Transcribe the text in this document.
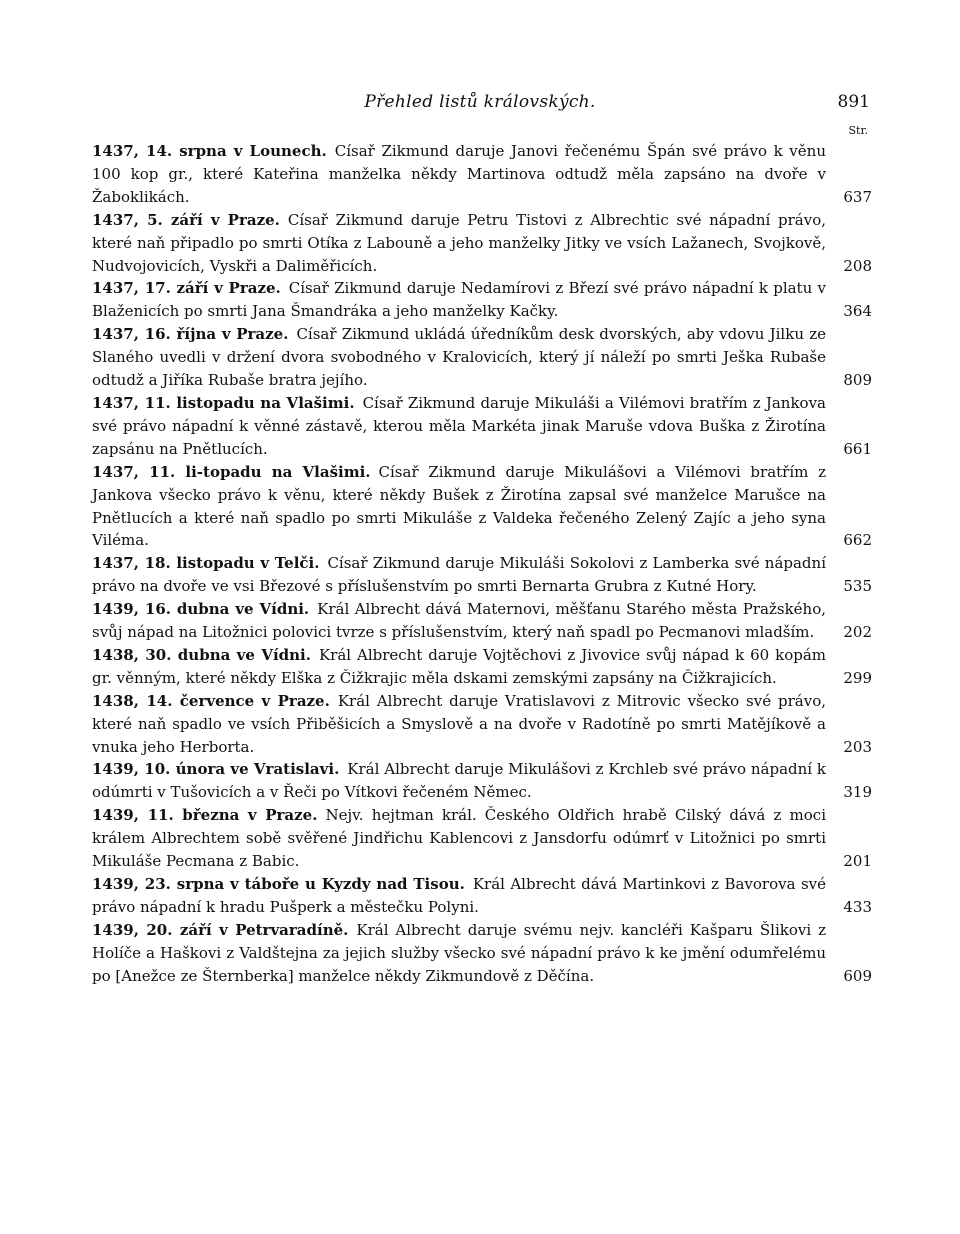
Přehled listů královských.	891
Str.
1437, 14. srpna v Lounech. Císař Zikmund daruje Janovi řečenému Špán své právo k věnu 100 kop gr., které Kateřina manželka někdy Martinova odtudž měla zapsáno na dvoře v Žaboklikách.	637
1437, 5. září v Praze. Císař Zikmund daruje Petru Tistovi z Albrechtic své nápadní právo, které naň připadlo po smrti Otíka z Labouně a jeho manželky Jitky ve vsích Lažanech, Svojkově, Nudvojovicích, Vyskři a Daliměřicích.	208
1437, 17. září v Praze. Císař Zikmund daruje Nedamírovi z Březí své právo nápadní k platu v Blaženicích po smrti Jana Šmandráka a jeho manželky Kačky.	364
1437, 16. října v Praze. Císař Zikmund ukládá úředníkům desk dvorských, aby vdovu Jilku ze Slaného uvedli v držení dvora svobodného v Kralovicích, který jí náleží po smrti Ješka Rubaše odtudž a Jiříka Rubaše bratra jejího.	809
1437, 11. listopadu na Vlašimi. Císař Zikmund daruje Mikuláši a Vilémovi bratřím z Jankova své právo nápadní k věnné zástavě, kterou měla Markéta jinak Maruše vdova Buška z Žirotína zapsánu na Pnětlucích.	661
1437, 11. li-topadu na Vlašimi. Císař Zikmund daruje Mikulášovi a Vilémovi bratřím z Jankova všecko právo k věnu, které někdy Bušek z Žirotína zapsal své manželce Marušce na Pnětlucích a které naň spadlo po smrti Mikuláše z Valdeka řečeného Zelený Zajíc a jeho syna Viléma.	662
1437, 18. listopadu v Telči. Císař Zikmund daruje Mikuláši Sokolovi z Lamberka své nápadní právo na dvoře ve vsi Březové s příslušenstvím po smrti Bernarta Grubra z Kutné Hory.	535
1439, 16. dubna ve Vídni. Král Albrecht dává Maternovi, měšťanu Starého města Pražského, svůj nápad na Litožnici polovici tvrze s příslušenstvím, který naň spadl po Pecmanovi mladším.	202
1438, 30. dubna ve Vídni. Král Albrecht daruje Vojtěchovi z Jivovice svůj nápad k 60 kopám gr. věnným, které někdy Elška z Čižkrajic měla dskami zemskými zapsány na Čižkrajicích.	299
1438, 14. července v Praze. Král Albrecht daruje Vratislavovi z Mitrovic všecko své právo, které naň spadlo ve vsích Přiběšicích a Smyslově a na dvoře v Radotíně po smrti Matějíkově a vnuka jeho Herborta.	203
1439, 10. února ve Vratislavi. Král Albrecht daruje Mikulášovi z Krchleb své právo nápadní k odúmrti v Tušovicích a v Řeči po Vítkovi řečeném Němec.	319
1439, 11. března v Praze. Nejv. hejtman král. Českého Oldřich hrabě Cilský dává z moci králem Albrechtem sobě svěřené Jindřichu Kablencovi z Jansdorfu odúmrť v Litožnici po smrti Mikuláše Pecmana z Babic.	201
1439, 23. srpna v táboře u Kyzdy nad Tisou. Král Albrecht dává Martinkovi z Bavorova své právo nápadní k hradu Pušperk a městečku Polyni.	433
1439, 20. září v Petrvaradíně. Král Albrecht daruje svému nejv. kancléři Kašparu Šlikovi z Holíče a Haškovi z Valdštejna za jejich služby všecko své nápadní právo k ke jmění odumřelému po [Anežce ze Šternberka] manželce někdy Zikmundově z Děčína.	609
